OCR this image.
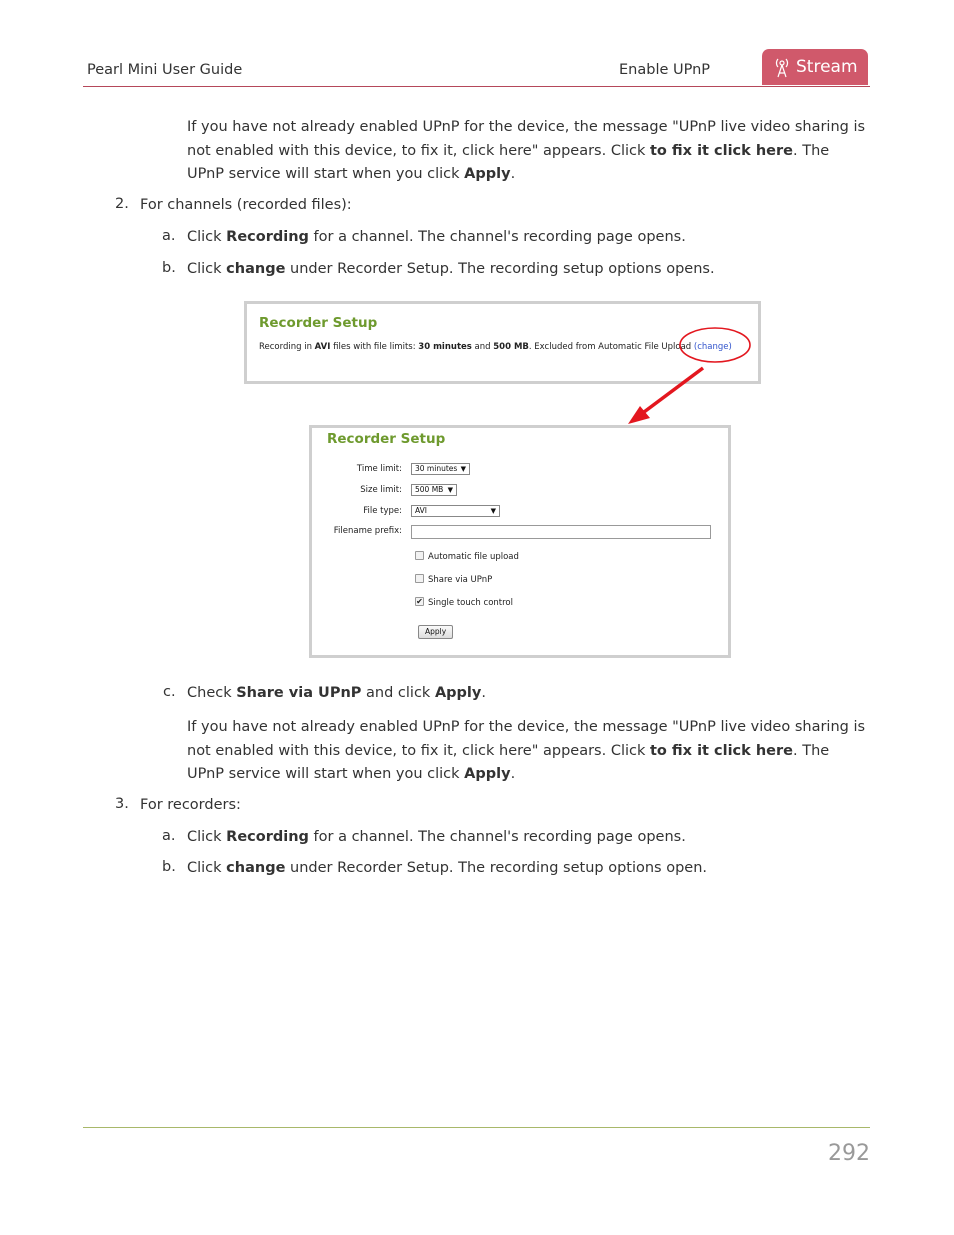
Pearl Mini User Guide	Enable UPnP	Stream
If you have not already enabled UPnP for the device, the message "UPnP live video sharing is not enabled with this device, to fix it, click here" appears. Click to fix it click here. The UPnP service will start when you click Apply.
2. For channels (recorded files):
a. Click Recording for a channel. The channel's recording page opens.
b. Click change under Recorder Setup. The recording setup options opens.
Recorder Setup
Recording in AVI files with file limits: 30 minutes and 500 MB. Excluded from Automatic File Upload (change)
Recorder Setup
Time limit:	30 minutes ▼
Size limit:	500 MB ▼
File type:	AVI	▼
Filename prefix:
Automatic file upload
Share via UPnP
✔ Single touch control
Apply
c. Check Share via UPnP and click Apply.
If you have not already enabled UPnP for the device, the message "UPnP live video sharing is not enabled with this device, to fix it, click here" appears. Click to fix it click here. The UPnP service will start when you click Apply.
3. For recorders:
a. Click Recording for a channel. The channel's recording page opens.
b. Click change under Recorder Setup. The recording setup options open.
292
